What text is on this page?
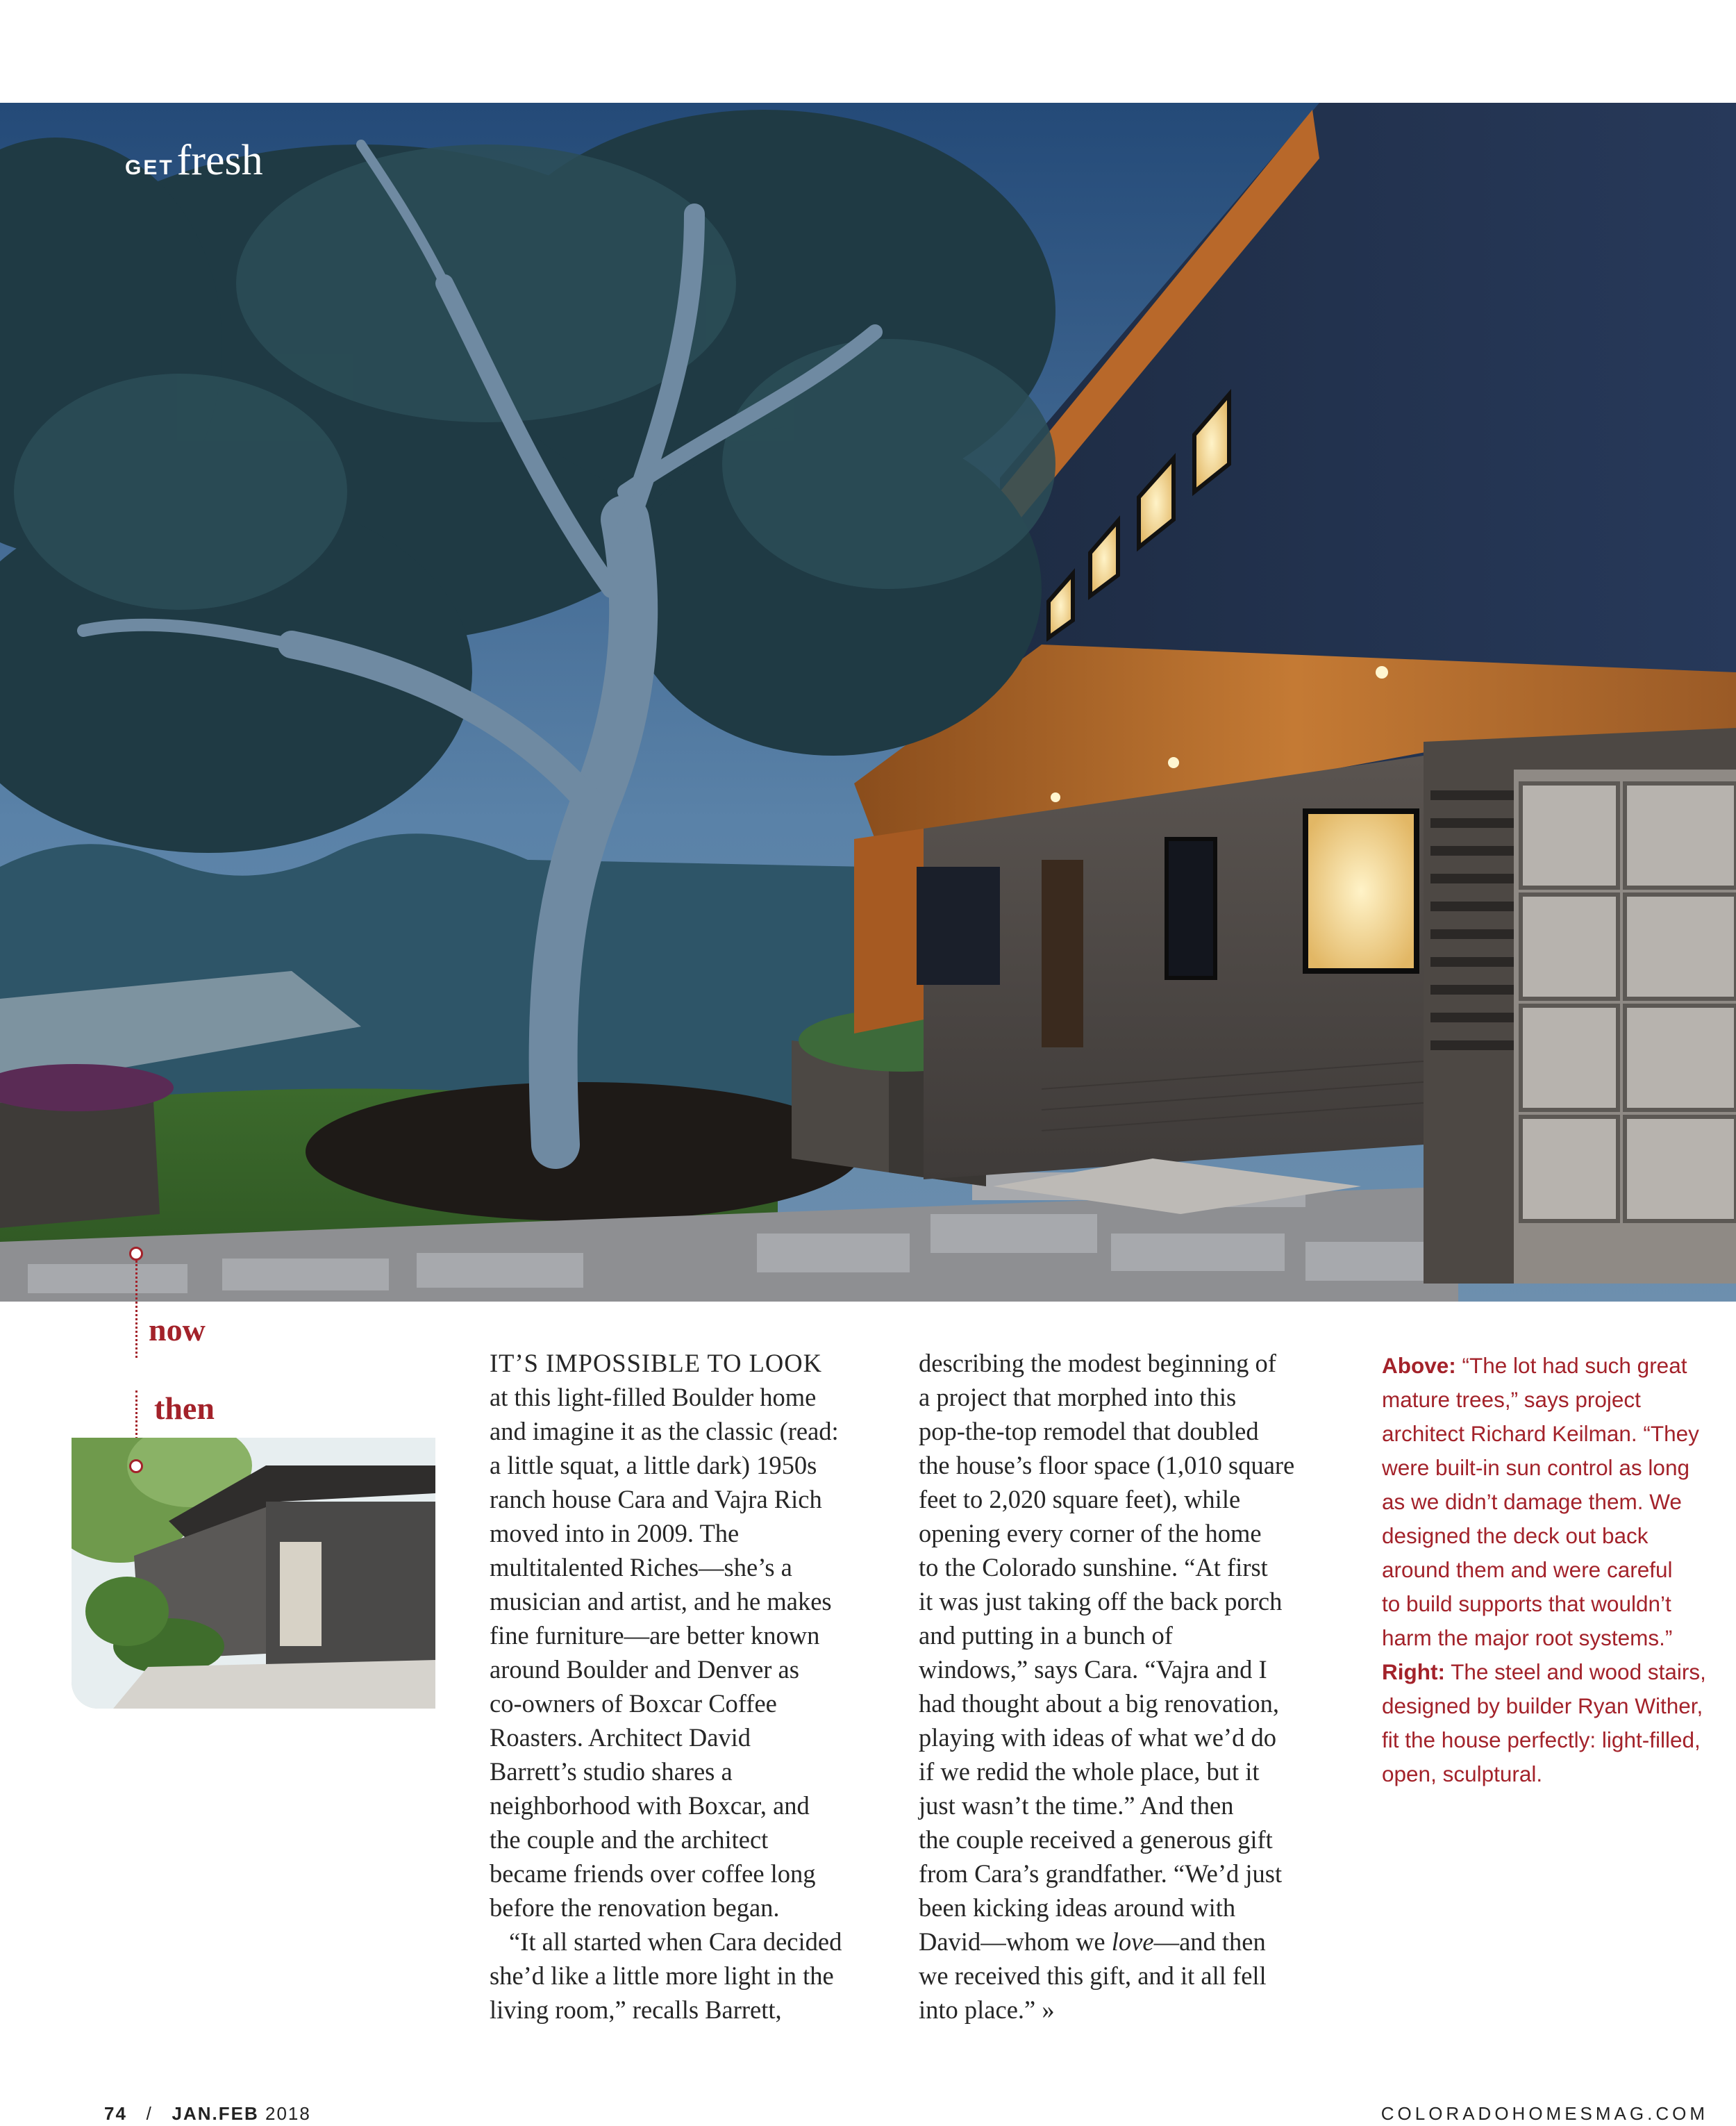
GETfresh
now
then
IT’S IMPOSSIBLE TO LOOK
at this light-filled Boulder home
and imagine it as the classic (read:
a little squat, a little dark) 1950s
ranch house Cara and Vajra Rich
moved into in 2009. The
multitalented Riches—she’s a
musician and artist, and he makes
fine furniture—are better known
around Boulder and Denver as
co-owners of Boxcar Coffee
Roasters. Architect David
Barrett’s studio shares a
neighborhood with Boxcar, and
the couple and the architect
became friends over coffee long
before the renovation began.
“It all started when Cara decided
she’d like a little more light in the
living room,” recalls Barrett,
describing the modest beginning of
a project that morphed into this
pop-the-top remodel that doubled
the house’s floor space (1,010 square
feet to 2,020 square feet), while
opening every corner of the home
to the Colorado sunshine. “At first
it was just taking off the back porch
and putting in a bunch of
windows,” says Cara. “Vajra and I
had thought about a big renovation,
playing with ideas of what we’d do
if we redid the whole place, but it
just wasn’t the time.” And then
the couple received a generous gift
from Cara’s grandfather. “We’d just
been kicking ideas around with
David—whom we love—and then
we received this gift, and it all fell
into place.” »
Above: “The lot had such great
mature trees,” says project
architect Richard Keilman. “They
were built-in sun control as long
as we didn’t damage them. We
designed the deck out back
around them and were careful
to build supports that wouldn’t
harm the major root systems.”
Right: The steel and wood stairs,
designed by builder Ryan Wither,
fit the house perfectly: light-filled,
open, sculptural.
74 / JAN.FEB 2018	COLORADOHOMESMAG.COM
